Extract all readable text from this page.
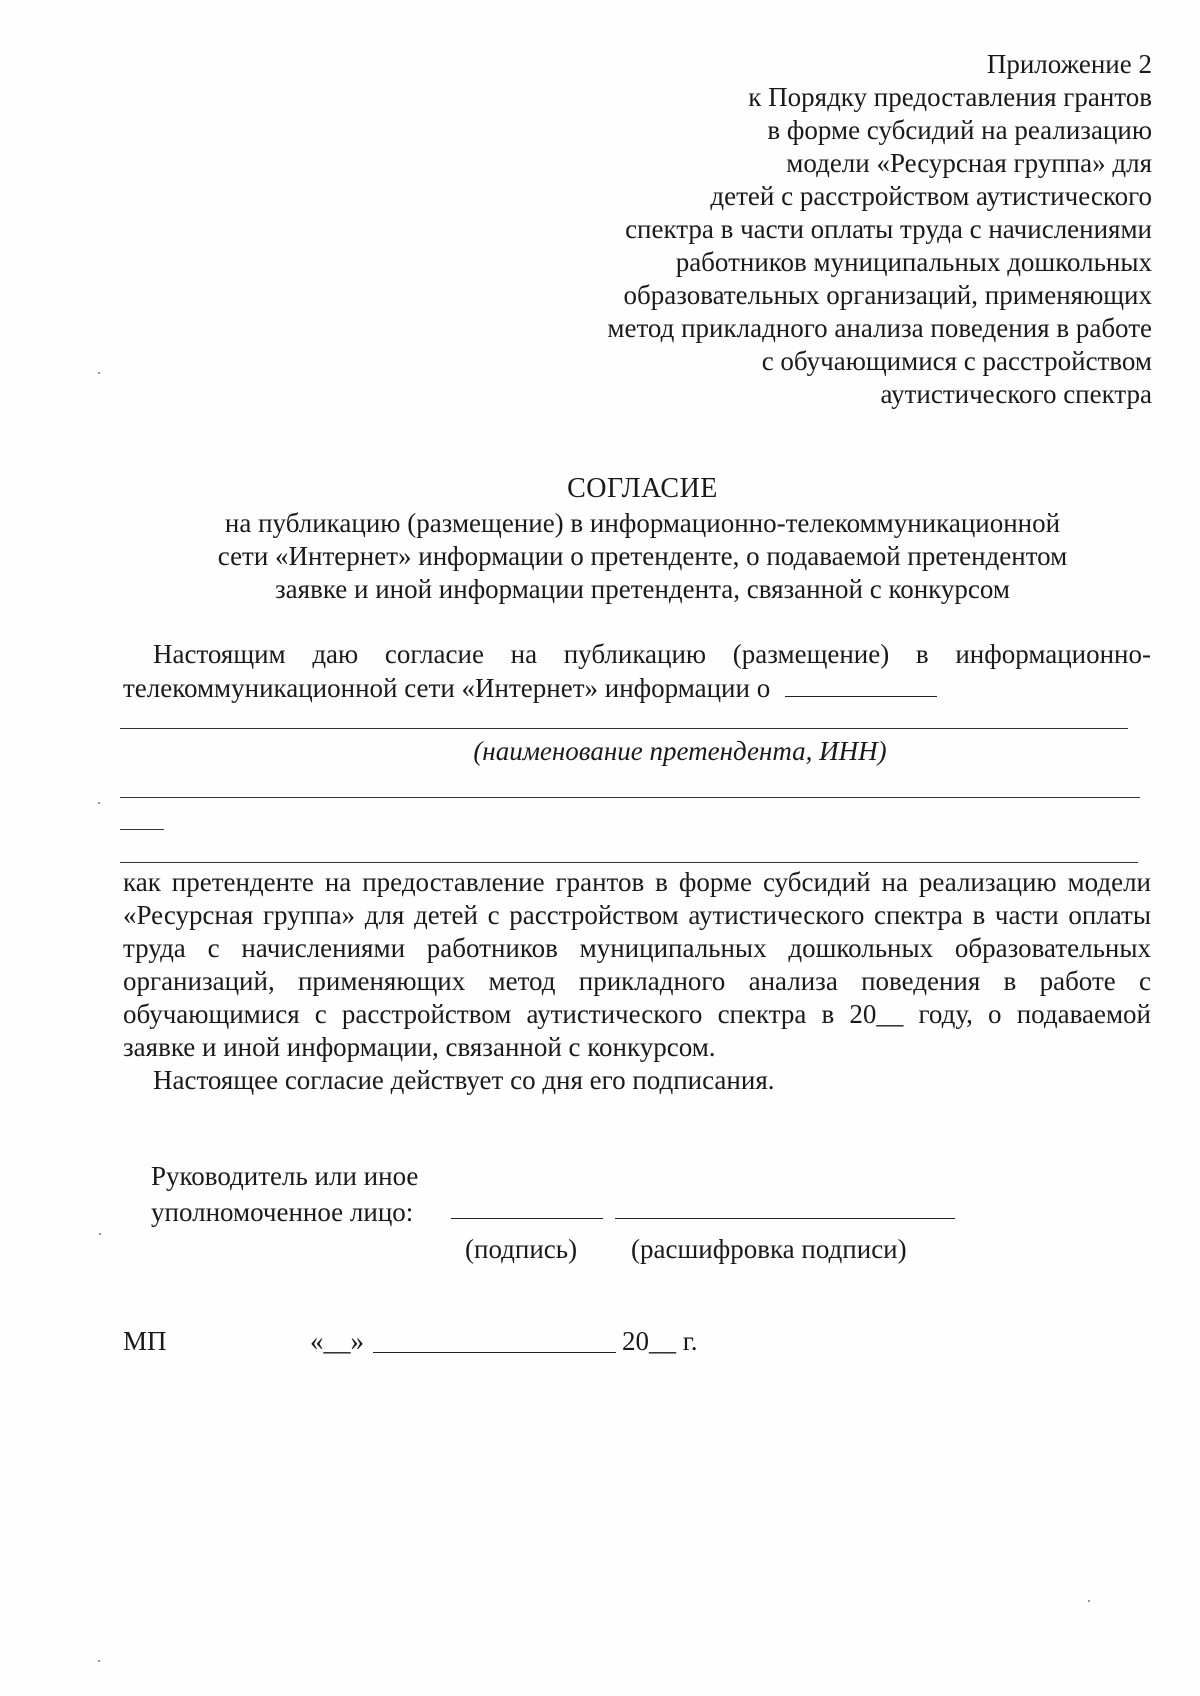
Приложение 2
к Порядку предоставления грантов
в форме субсидий на реализацию
модели «Ресурсная группа» для
детей с расстройством аутистического
спектра в части оплаты труда с начислениями
работников муниципальных дошкольных
образовательных организаций, применяющих
метод прикладного анализа поведения в работе
с обучающимися с расстройством
аутистического спектра
СОГЛАСИЕ
на публикацию (размещение) в информационно-телекоммуникационной
сети «Интернет» информации о претенденте, о подаваемой претендентом
заявке и иной информации претендента, связанной с конкурсом
Настоящим даю согласие на публикацию (размещение) в информационно-
телекоммуникационной сети «Интернет» информации о
(наименование претендента, ИНН)
как претенденте на предоставление грантов в форме субсидий на реализацию модели «Ресурсная группа» для детей с расстройством аутистического спектра в части оплаты труда с начислениями работников муниципальных дошкольных образовательных организаций, применяющих метод прикладного анализа поведения в работе с обучающимися с расстройством аутистического спектра в 20__ году, о подаваемой заявке и иной информации, связанной с конкурсом.
Настоящее согласие действует со дня его подписания.
Руководитель или иное
уполномоченное лицо:
(подпись) (расшифровка подписи)
МП	«__»	20__ г.
